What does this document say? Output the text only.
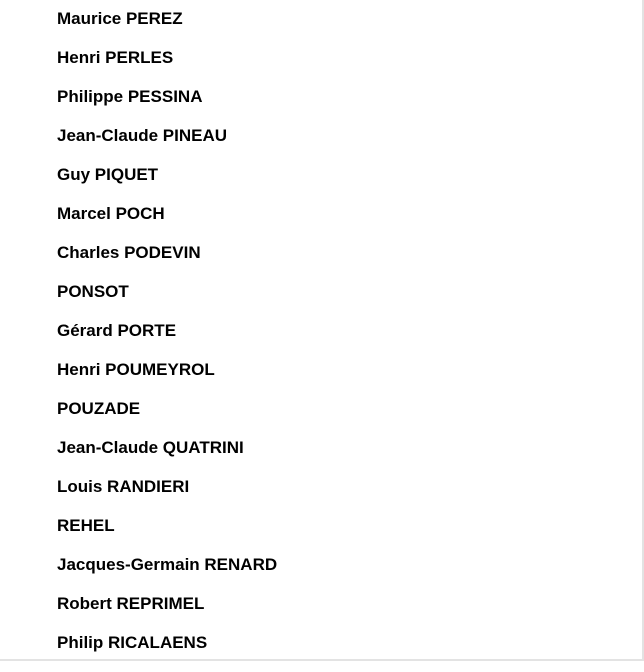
Maurice PEREZ
Henri PERLES
Philippe PESSINA
Jean-Claude PINEAU
Guy PIQUET
Marcel POCH
Charles PODEVIN
PONSOT
Gérard PORTE
Henri POUMEYROL
POUZADE
Jean-Claude QUATRINI
Louis RANDIERI
REHEL
Jacques-Germain RENARD
Robert REPRIMEL
Philip RICALAENS
